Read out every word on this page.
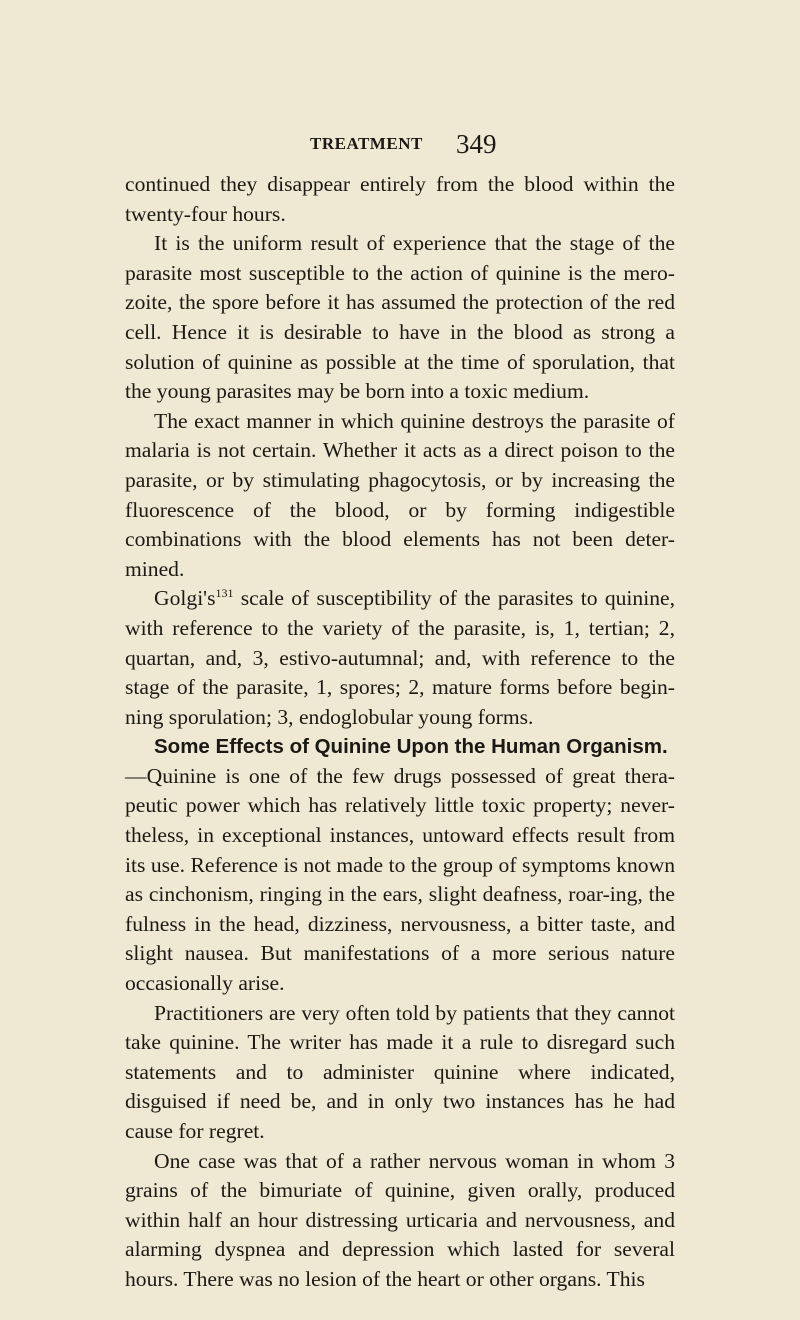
TREATMENT 349

continued they disappear entirely from the blood within the twenty-four hours.

It is the uniform result of experience that the stage of the parasite most susceptible to the action of quinine is the mero-zoite, the spore before it has assumed the protection of the red cell. Hence it is desirable to have in the blood as strong a solution of quinine as possible at the time of sporulation, that the young parasites may be born into a toxic medium.

The exact manner in which quinine destroys the parasite of malaria is not certain. Whether it acts as a direct poison to the parasite, or by stimulating phagocytosis, or by increasing the fluorescence of the blood, or by forming indigestible combinations with the blood elements has not been deter-mined.

$Golgi's^{131}$ scale of susceptibility of the parasites to quinine, with reference to the variety of the parasite, is, 1, tertian; 2, quartan, and, 3, estivo-autumnal; and, with reference to the stage of the parasite, 1, spores; 2, mature forms before begin-ning sporulation; 3, endoglobular young forms.

Some Effects of Quinine Upon the Human Organism.

—Quinine is one of the few drugs possessed of great thera-peutic power which has relatively little toxic property; never-theless, in exceptional instances, untoward effects result from its use. Reference is not made to the group of symptoms known as cinchonism, ringing in the ears, slight deafness, roar-ing, the fulness in the head, dizziness, nervousness, a bitter taste, and slight nausea. But manifestations of a more serious nature occasionally arise.

Practitioners are very often told by patients that they cannot take quinine. The writer has made it a rule to disregard such statements and to administer quinine where indicated, disguised if need be, and in only two instances has he had cause for regret.

One case was that of a rather nervous woman in whom 3 grains of the bimuriate of quinine, given orally, produced within half an hour distressing urticaria and nervousness, and alarming dyspnea and depression which lasted for several hours. There was no lesion of the heart or other organs. This
